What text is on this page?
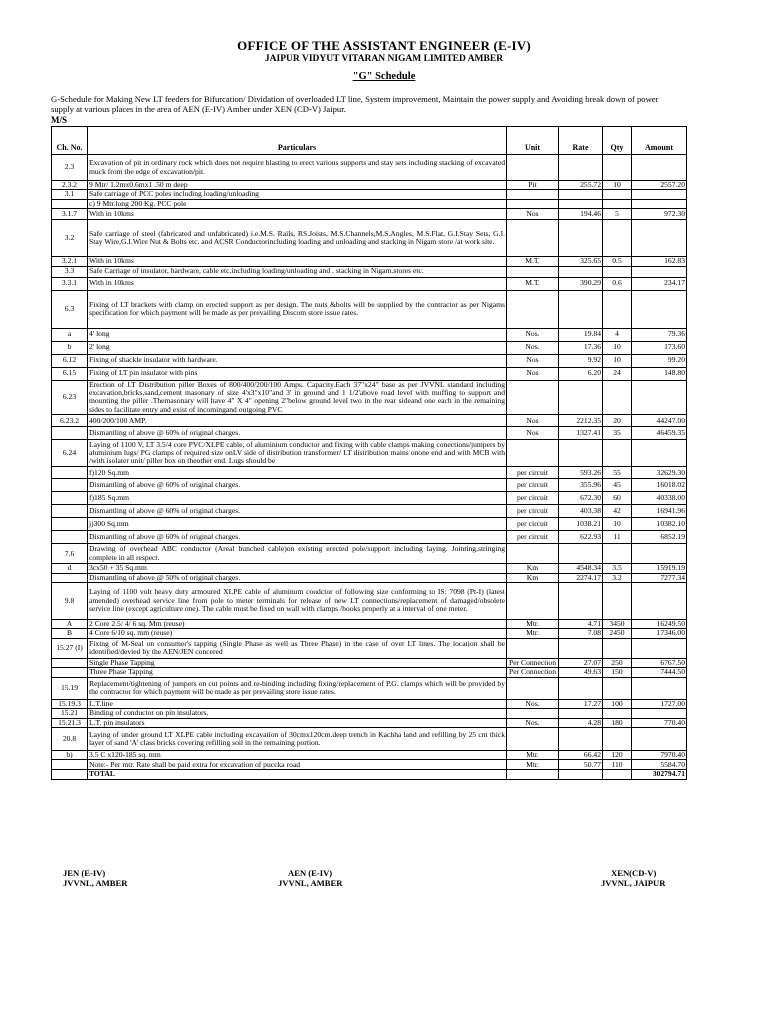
OFFICE OF THE ASSISTANT ENGINEER (E-IV)
JAIPUR VIDYUT VITARAN NIGAM LIMITED AMBER
"G" Schedule
G-Schedule for Making New LT feeders for Bifurcation/ Dividation of overloaded LT line, System improvement, Maintain the power supply and Avoiding break down of power supply at various places in the area of AEN (E-IV) Amber under XEN (CD-V) Jaipur.
M/S
Ch. No.	Particulars	Unit	Rate	Qty	Amount
2.3	Excavation of pit in ordinary rock which does not require blasting to erect various supports and stay sets including stacking of excavated muck from the edge of excavation/pit.				
2.3.2	9 Mtr/ 1.2mx0.6mx1 .50 m deep	Pit	255.72	10	2557.20
3.1	Safe carriage of PCC poles including loading/unloading				
	c) 9 Mtr.long 200 Kg. PCC pole				
3.1.7	With in 10kms	Nos	194.46	5	972.30
3.2	Safe carriage of steel (fabricated and unfabricated) i.e.M.S. Rails, RS.Joists, M.S.Channels,M.S.Angles, M.S.Flat, G.I.Stay Sets, G.I. Stay Wire,G.I.Wire Nut & Bolts etc. and ACSR Conductorincluding loading and unloading and stacking in Nigam store /at work site.				
3.2.1	With in 10kms	M.T.	325.65	0.5	162.83
3.3	Safe Carriage of insulator, hardware, cable etc.including loading/unloading and . stacking in Nigam.stores etc.				
3.3.1	With in 10kms	M.T.	390.29	0.6	234.17
6.3	Fixing of LT brackets with clamp on erected support as per design. The nuts &bolts will be supplied by the contractor as per Nigams specification for which payment will be made as per prevailing Discom store issue rates.				
a	4' long	Nos.	19.84	4	79.36
b	2' long	Nos.	17.36	10	173.60
6.12	Fixing of shackle insulator with hardware.	Nos	9.92	10	99.20
6.15	Fixing of LT pin insulator with pins	Nos	6.20	24	148.80
6.23	Erection of LT Distribution piller Boxes of 800/400/200/100 Amps. Capacity.Each 37"x24" base as per JVVNL standard including excavation,bricks,sand,cement masonary of size 4'x3"x10"and 3' in ground and 1 1/2'above road level with muffing to support and mounting the piller .Themasonary will have 4" X 4" opening 2"below ground level two in the rear sideand one each in the remaining sides to facilitate entry and exist of incomingand outgoing PVC				
6.23.2	400/200/100 AMP.	Nos	2212.35	20	44247.00
	Dismantling of above @ 60% of original charges.	Nos	1327.41	35	46459.35
6.24	Laying of 1100 V, LT 3.5/4 core PVC/XLPE cable, of aluminium conductor and fixing with cable clamps making conections/jumpers by aluminium lugs/ PG clamps of required size onLV side of distribution transformer/ LT distribution mains onone end and with MCB with /with isolater unit/ piller box on theother end. Lugs should be				
	f)120 Sq.mm	per circuit	593.26	55	32629.30
	Dismantling of above @ 60% of original charges.	per circuit	355.96	45	16018.02
	f)185 Sq.mm	per circuit	672.30	60	40338.00
	Dismantling of above @ 60% of original charges.	per circuit	403.38	42	16941.96
	j)300 Sq.mm	per circuit	1038.21	10	10382.10
	Dismantling of above @ 60% of original charges.	per circuit	622.93	11	6852.19
7.6	Drawing of overhead ABC conductor (Areal bunched cable)on existing erected pole/support including laying. Jointing,stringing complete in all respect.				
d	3cx50 + 35 Sq.mm	Km	4548.34	3.5	15919.19
	Dismantling of above @ 50% of original charges.	Km	2274.17	3.2	7277.34
9.8	Laying of 1100 volt heavy duty armoured XLPE cable of aluminum coudctor of following size conforming to IS: 7098 (Pt-I) (latest amended) overhead service line from pole to meter terminals for release of new LT connections/replacement of damaged/obsolete service line (except agriculture one). The cable must be fixed on wall with clamps /hooks properly at a interval of one meter.				
A	2 Core 2.5/ 4/ 6 sq. Mm (reuse)	Mtr.	4.71	3450	16249.50
B	4 Core 6/10 sq. mm (reuse)	Mtr.	7.08	2450	17346.00
15.27 (I)	Fixing of M-Seal on consumer's tapping (Single Phase as well as Three Phase) in the case of over LT lines. The location shall be identified/devied by the AEN/JEN concered				
	Single Phase Tapping	Per Connection	27.07	250	6767.50
	Three Phase Tapping	Per Connection	49.63	150	7444.50
15.19	Replacement/tightening of jumpers on cut points and re-binding including fixing/replacement of P.G. clamps which will be provided by the contractor for which payment will be made as per prevailing store issue rates.				
15.19.3	L.T.line	Nos.	17.27	100	1727.00
15.21	Binding of conductor on pin insulators.				
15.21.3	L.T. pin insulators	Nos.	4.28	180	770.40
20.8	Laying of under ground LT XLPE cable including excavation of 30cmx120cm.deep trench in Kachha land and refilling by 25 cm thick layer of sand 'A' class bricks covering refilling soil in the remaining portion.				
b)	3.5 C x120-185 sq. mm	Mtr.	66.42	120	7970.40
	Note:- Per mtr. Rate shall be paid extra for excavation of puccka road	Mtr.	50.77	110	5584.70
	TOTAL				302794.71
JEN (E-IV)
JVVNL, AMBER
AEN (E-IV)
JVVNL, AMBER
XEN(CD-V)
JVVNL, JAIPUR
